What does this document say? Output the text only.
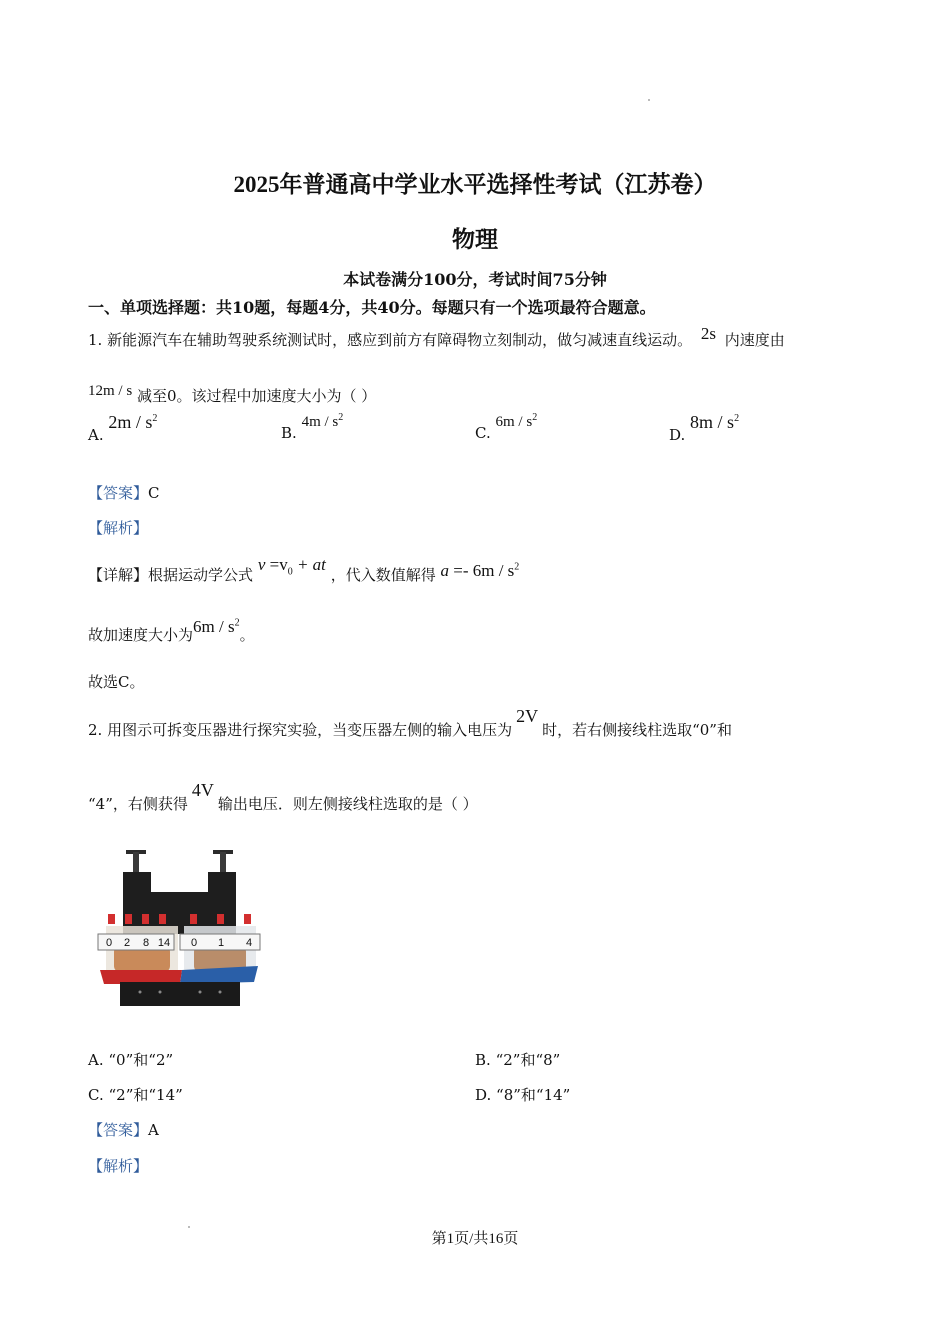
2025年普通高中学业水平选择性考试（江苏卷）
物理
本试卷满分100分，考试时间75分钟
一、单项选择题：共10题，每题4分，共40分。每题只有一个选项最符合题意。
1. 新能源汽车在辅助驾驶系统测试时，感应到前方有障碍物立刻制动，做匀减速直线运动。 2s 内速度由
12m / s 减至0。该过程中加速度大小为（ ）
A. $2m / s^2$
B. $4m / s^2$
C. $6m / s^2$
D. $8m / s^2$
【答案】C
【解析】
【详解】根据运动学公式 $v =v_0$ + at ，代入数值解得 $a =- 6m / s^2$
故加速度大小为$6m / s^2$。
故选C。
2. 用图示可拆变压器进行探究实验，当变压器左侧的输入电压为2V时，若右侧接线柱选取“0”和
“4”，右侧获得4V输出电压．则左侧接线柱选取的是（ ）
0 2 8 14 0 1 4
A. “0”和“2”	B. “2”和“8”
C. “2”和“14”	D. “8”和“14”
【答案】A
【解析】
第1页/共16页
